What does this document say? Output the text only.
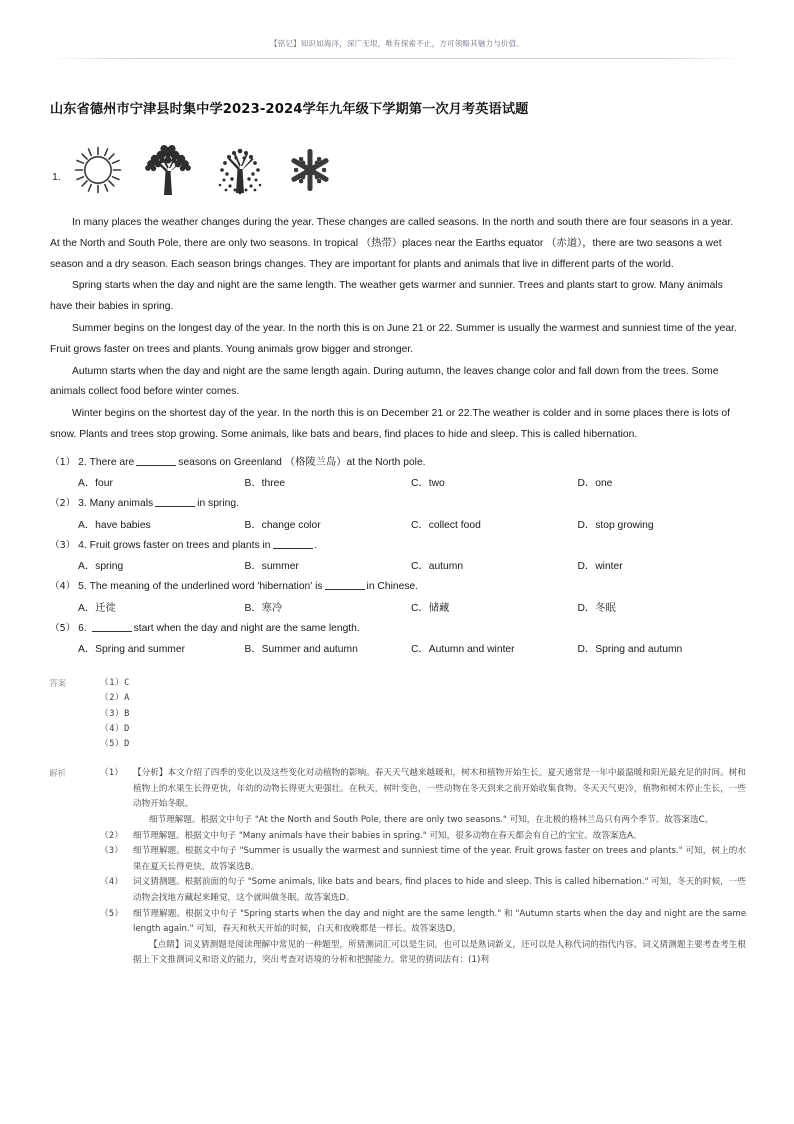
【铭记】知识如海洋，深广无垠，唯有探索不止，方可领略其魅力与价值。
山东省德州市宁津县时集中学2023-2024学年九年级下学期第一次月考英语试题
1.

In many places the weather changes during the year. These changes are called seasons. In the north and south there are four seasons in a year. At the North and South Pole, there are only two seasons. In tropical （热带）places near the Earths equator （赤道），there are two seasons a wet season and a dry season. Each season brings changes. They are important for plants and animals that live in different parts of the world.

Spring starts when the day and night are the same length. The weather gets warmer and sunnier. Trees and plants start to grow. Many animals have their babies in spring.

Summer begins on the longest day of the year. In the north this is on June 21 or 22. Summer is usually the warmest and sunniest time of the year. Fruit grows faster on trees and plants. Young animals grow bigger and stronger.

Autumn starts when the day and night are the same length again. During autumn, the leaves change color and fall down from the trees. Some animals collect food before winter comes.

Winter begins on the shortest day of the year. In the north this is on December 21 or 22.The weather is colder and in some places there is lots of snow. Plants and trees stop growing. Some animals, like bats and bears, find places to hide and sleep. This is called hibernation.

（1） 2. There are	seasons on Greenland （格陵兰岛）at the North pole.
A．four	B．three	C．two	D．one
（2） 3. Many animals	in spring.
A．have babies	B．change color	C．collect food	D．stop growing
（3） 4. Fruit grows faster on trees and plants in	.
A．spring	B．summer	C．autumn	D．winter
（4） 5. The meaning of the underlined word 'hibernation' is	in Chinese.
A．迁徙	B．寒冷	C．储藏	D．冬眠
（5） 6.	start when the day and night are the same length.
A．Spring and summer	B．Summer and autumn	C．Autumn and winter	D．Spring and autumn
答案	（1）C
（2）A
（3）B
（4）D
（5）D
解析	（1）	【分析】本文介绍了四季的变化以及这些变化对动植物的影响。春天天气越来越暖和，树木和植物开始生长。夏天通常是一年中最温暖和阳光最充足的时间。树和植物上的水果生长得更快，年幼的动物长得更大更强壮。在秋天，树叶变色，一些动物在冬天到来之前开始收集食物。冬天天气更冷，植物和树木停止生长，一些动物开始冬眠。
细节理解题。根据文中句子 "At the North and South Pole, there are only two seasons." 可知，在北极的格林兰岛只有两个季节。故答案选C。
（2）	细节理解题。根据文中句子 "Many animals have their babies in spring." 可知，很多动物在春天都会有自己的宝宝。故答案选A。
（3）	细节理解题。根据文中句子 "Summer is usually the warmest and sunniest time of the year. Fruit grows faster on trees and plants." 可知，树上的水果在夏天长得更快，故答案选B。
（4）	词义猜测题。根据前面的句子 "Some animals, like bats and bears, find places to hide and sleep. This is called hibernation." 可知，冬天的时候，一些动物会找地方藏起来睡觉，这个就叫做冬眠。故答案选D。
（5）	细节理解题。根据文中句子 "Spring starts when the day and night are the same length." 和 "Autumn starts when the day and night are the same length again." 可知，春天和秋天开始的时候，白天和夜晚都是一样长。故答案选D。
【点睛】词义猜测题是阅读理解中常见的一种题型，所猜测词汇可以是生词，也可以是熟词新义，还可以是人称代词的指代内容。词义猜测题主要考查考生根据上下文推测词义和语义的能力，突出考查对语境的分析和把握能力。常见的猜词法有：(1)利
